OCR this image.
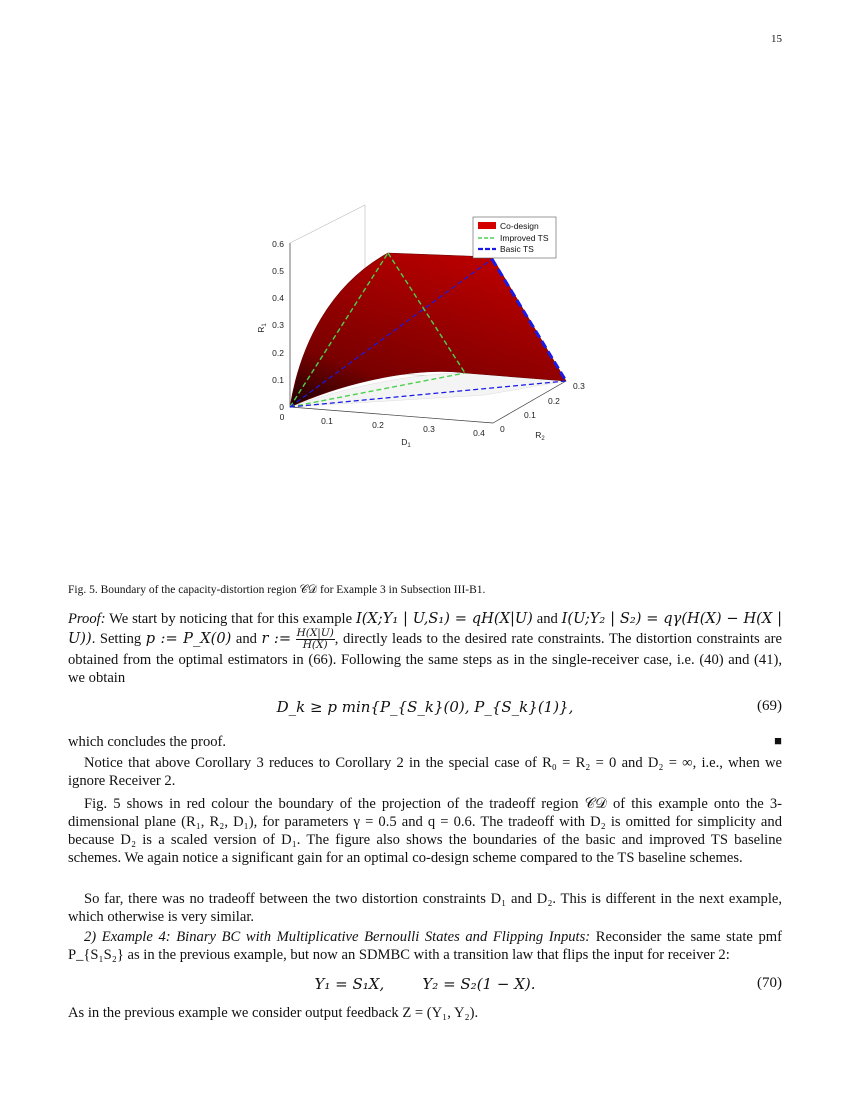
15
0
0.1
0.2
0.3
0.4
0.5
0.6
$R_1$
0	0.1	0.2	0.3	0.4
$D_1$
0
0.1
0.2
0.3
$R_2$
Co-design
Improved TS
Basic TS
Fig. 5. Boundary of the capacity-distortion region 𝒞𝒟 for Example 3 in Subsection III-B1.
Proof: We start by noticing that for this example I(X;Y₁ | U,S₁) = qH(X|U) and I(U;Y₂ | S₂) = qγ(H(X) − H(X | U)). Setting p := P_X(0) and r := $\frac{H(X|U)}{H(X)}$ , directly leads to the desired rate constraints. The distortion constraints are obtained from the optimal estimators in (66). Following the same steps as in the single-receiver case, i.e. (40) and (41), we obtain
D_k ≥ p min{P_{S_k}(0), P_{S_k}(1)},	(69)
which concludes the proof.	■
Notice that above Corollary 3 reduces to Corollary 2 in the special case of R₀ = R₂ = 0 and D₂ = ∞, i.e., when we ignore Receiver 2.
Fig. 5 shows in red colour the boundary of the projection of the tradeoff region 𝒞𝒟 of this example onto the 3-dimensional plane (R₁, R₂, D₁), for parameters γ = 0.5 and q = 0.6. The tradeoff with D₂ is omitted for simplicity and because D₂ is a scaled version of D₁. The figure also shows the boundaries of the basic and improved TS baseline schemes. We again notice a significant gain for an optimal co-design scheme compared to the TS baseline schemes.
So far, there was no tradeoff between the two distortion constraints D₁ and D₂. This is different in the next example, which otherwise is very similar.
2) Example 4: Binary BC with Multiplicative Bernoulli States and Flipping Inputs: Reconsider the same state pmf P_{S₁S₂} as in the previous example, but now an SDMBC with a transition law that flips the input for receiver 2:
Y₁ = S₁X,        Y₂ = S₂(1 − X).	(70)
As in the previous example we consider output feedback Z = (Y₁, Y₂).
